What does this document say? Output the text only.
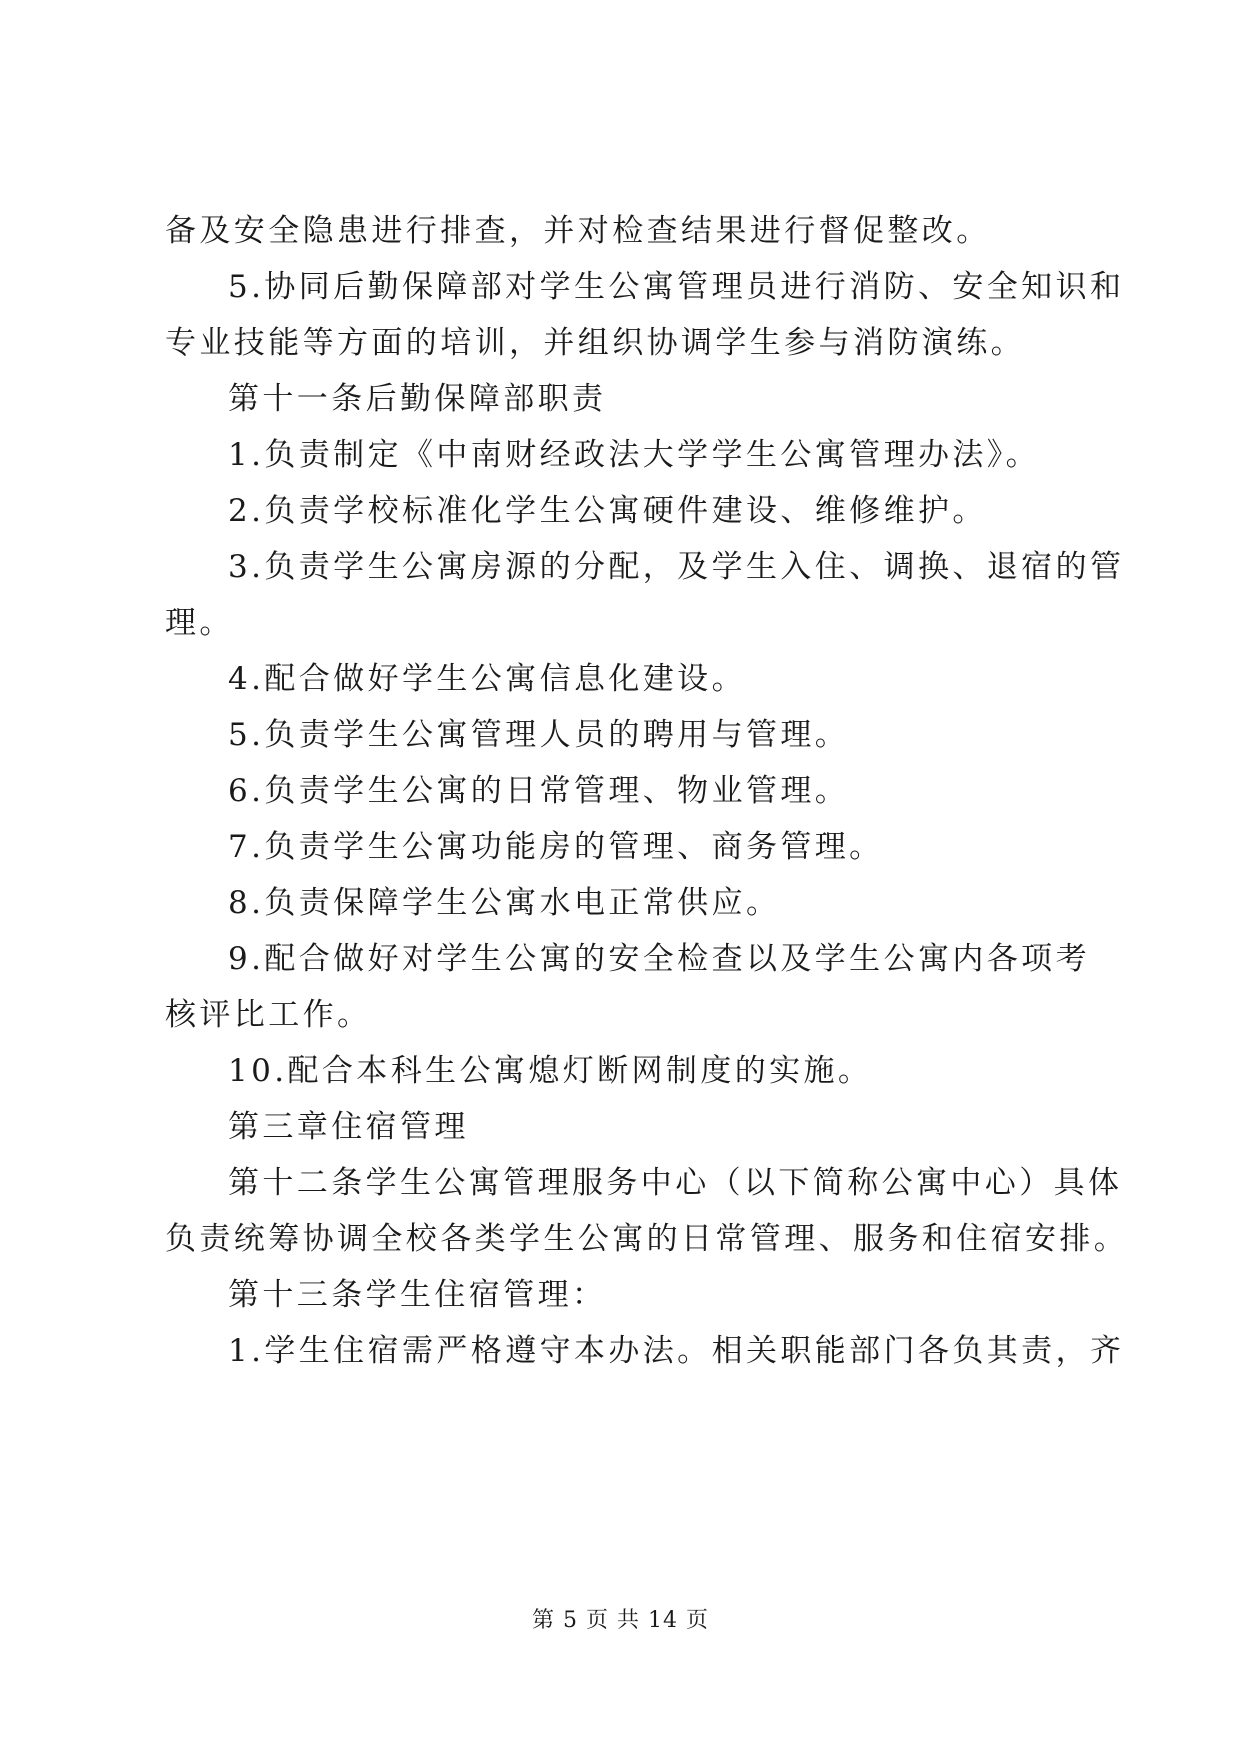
备及安全隐患进行排查，并对检查结果进行督促整改。
5.协同后勤保障部对学生公寓管理员进行消防、安全知识和
专业技能等方面的培训，并组织协调学生参与消防演练。
第十一条后勤保障部职责
1.负责制定《中南财经政法大学学生公寓管理办法》。
2.负责学校标准化学生公寓硬件建设、维修维护。
3.负责学生公寓房源的分配，及学生入住、调换、退宿的管
理。
4.配合做好学生公寓信息化建设。
5.负责学生公寓管理人员的聘用与管理。
6.负责学生公寓的日常管理、物业管理。
7.负责学生公寓功能房的管理、商务管理。
8.负责保障学生公寓水电正常供应。
9.配合做好对学生公寓的安全检查以及学生公寓内各项考
核评比工作。
10.配合本科生公寓熄灯断网制度的实施。
第三章住宿管理
第十二条学生公寓管理服务中心（以下简称公寓中心）具体
负责统筹协调全校各类学生公寓的日常管理、服务和住宿安排。
第十三条学生住宿管理：
1.学生住宿需严格遵守本办法。相关职能部门各负其责，齐
第 5 页 共 14 页
